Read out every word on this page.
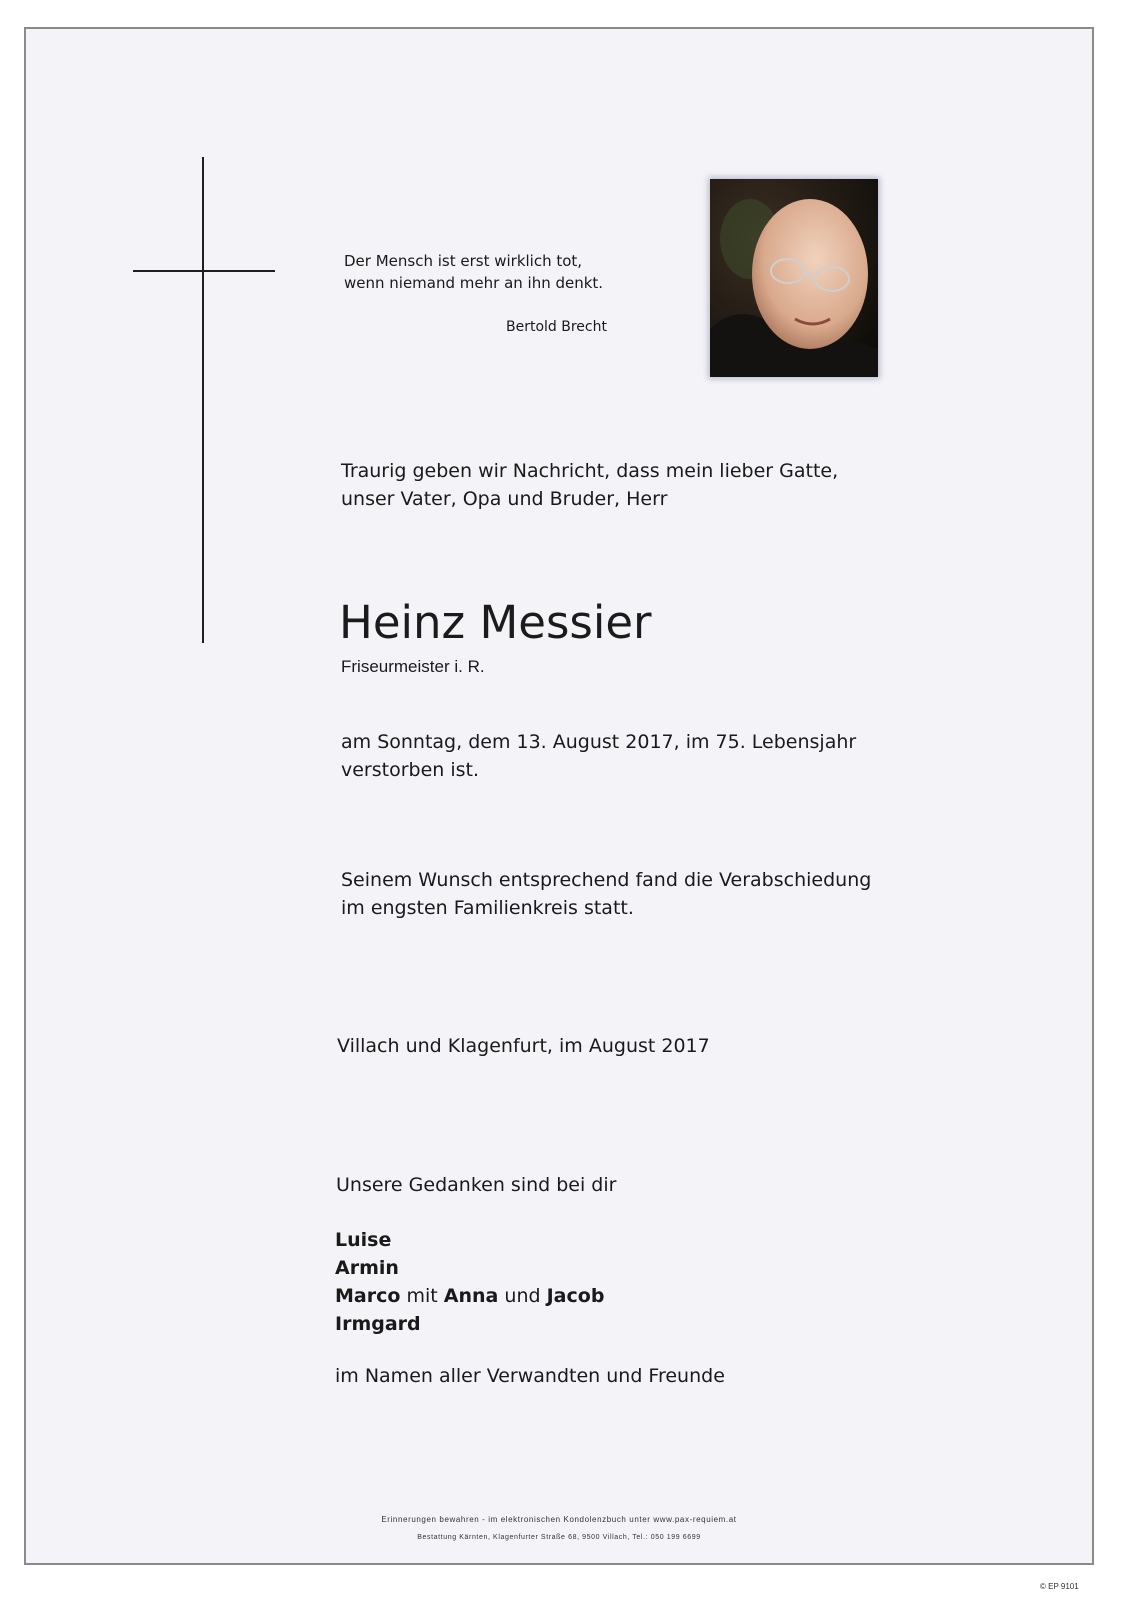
Der Mensch ist erst wirklich tot,
wenn niemand mehr an ihn denkt.
Bertold Brecht
Traurig geben wir Nachricht, dass mein lieber Gatte,
unser Vater, Opa und Bruder, Herr
Heinz Messier
Friseurmeister i. R.
am Sonntag, dem 13. August 2017, im 75. Lebensjahr
verstorben ist.
Seinem Wunsch entsprechend fand die Verabschiedung
im engsten Familienkreis statt.
Villach und Klagenfurt, im August 2017
Unsere Gedanken sind bei dir
Luise
Armin
Marco mit Anna und Jacob
Irmgard
im Namen aller Verwandten und Freunde
Erinnerungen bewahren - im elektronischen Kondolenzbuch unter www.pax-requiem.at
Bestattung Kärnten, Klagenfurter Straße 68, 9500 Villach, Tel.: 050 199 6699
© EP 9101
